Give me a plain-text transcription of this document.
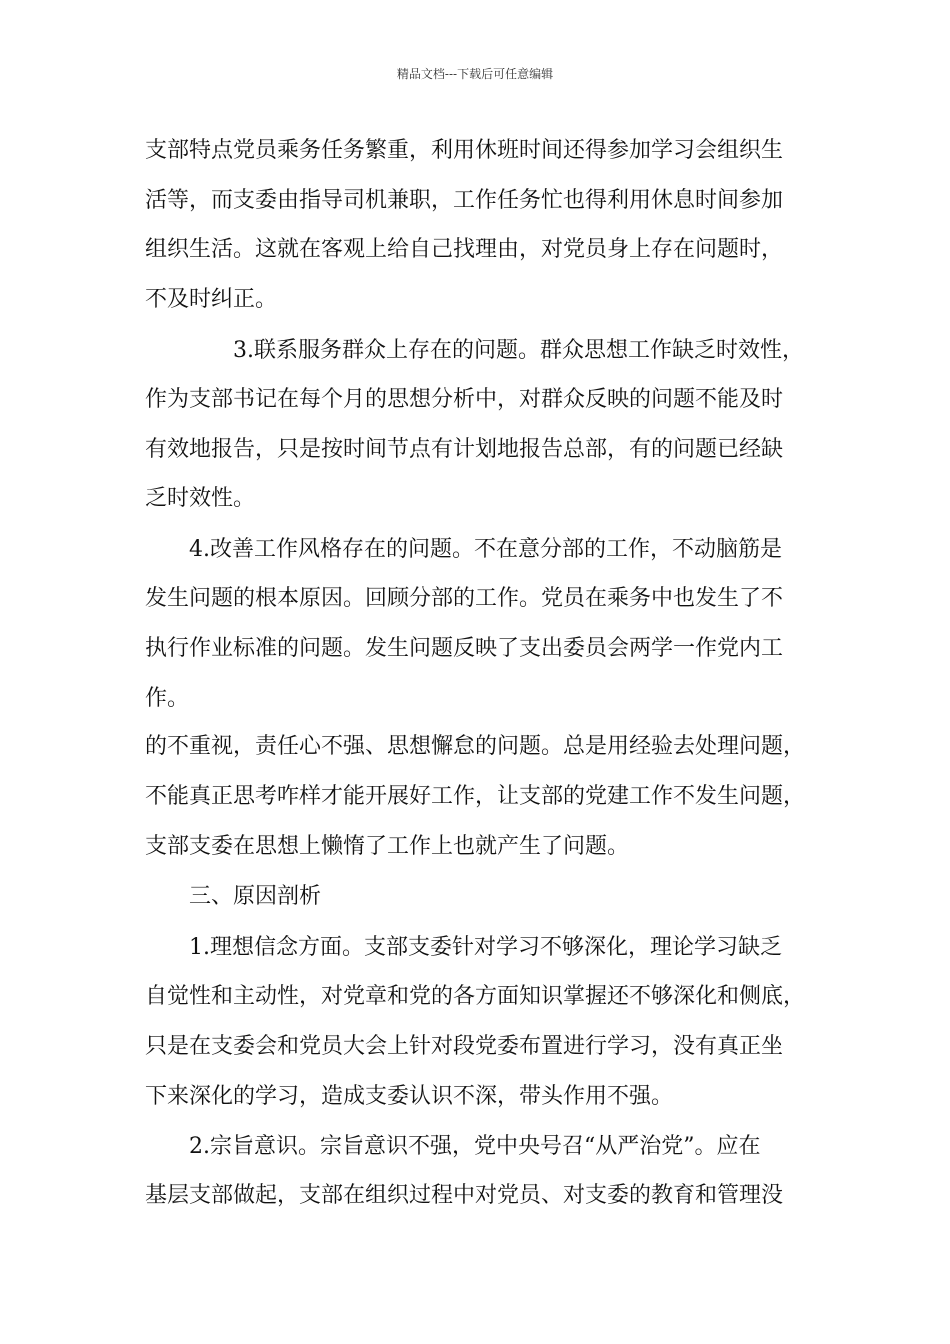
精品文档---下载后可任意编辑
支部特点党员乘务任务繁重，利用休班时间还得参加学习会组织生
活等，而支委由指导司机兼职，工作任务忙也得利用休息时间参加
组织生活。这就在客观上给自己找理由，对党员身上存在问题时，
不及时纠正。
3.联系服务群众上存在的问题。群众思想工作缺乏时效性，
作为支部书记在每个月的思想分析中，对群众反映的问题不能及时
有效地报告，只是按时间节点有计划地报告总部，有的问题已经缺
乏时效性。
4.改善工作风格存在的问题。不在意分部的工作，不动脑筋是
发生问题的根本原因。回顾分部的工作。党员在乘务中也发生了不
执行作业标准的问题。发生问题反映了支出委员会两学一作党内工
作。
的不重视，责任心不强、思想懈怠的问题。总是用经验去处理问题，
不能真正思考咋样才能开展好工作，让支部的党建工作不发生问题，
支部支委在思想上懒惰了工作上也就产生了问题。
三、原因剖析
1.理想信念方面。支部支委针对学习不够深化，理论学习缺乏
自觉性和主动性，对党章和党的各方面知识掌握还不够深化和侧底，
只是在支委会和党员大会上针对段党委布置进行学习，没有真正坐
下来深化的学习，造成支委认识不深，带头作用不强。
2.宗旨意识。宗旨意识不强，党中央号召“从严治党”。应在
基层支部做起，支部在组织过程中对党员、对支委的教育和管理没
